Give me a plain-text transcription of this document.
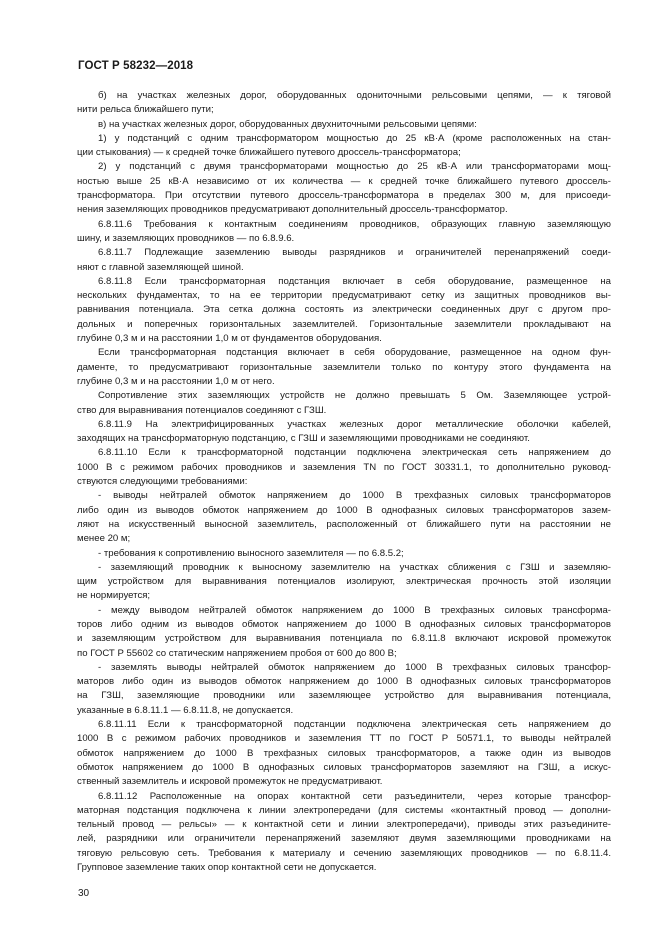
ГОСТ Р 58232—2018
б) на участках железных дорог, оборудованных одониточными рельсовыми цепями, — к тяговой
нити рельса ближайшего пути;
в) на участках железных дорог, оборудованных двухниточными рельсовыми цепями:
1) у подстанций с одним трансформатором мощностью до 25 кВ·А (кроме расположенных на стан-
ции стыкования) — к средней точке ближайшего путевого дроссель-трансформатора;
2) у подстанций с двумя трансформаторами мощностью до 25 кВ·А или трансформаторами мощ-
ностью выше 25 кВ·А независимо от их количества — к средней точке ближайшего путевого дроссель-
трансформатора. При отсутствии путевого дроссель-трансформатора в пределах 300 м, для присоеди-
нения заземляющих проводников предусматривают дополнительный дроссель-трансформатор.
6.8.11.6 Требования к контактным соединениям проводников, образующих главную заземляющую
шину, и заземляющих проводников — по 6.8.9.6.
6.8.11.7 Подлежащие заземлению выводы разрядников и ограничителей перенапряжений соеди-
няют с главной заземляющей шиной.
6.8.11.8 Если трансформаторная подстанция включает в себя оборудование, размещенное на
нескольких фундаментах, то на ее территории предусматривают сетку из защитных проводников вы-
равнивания потенциала. Эта сетка должна состоять из электрически соединенных друг с другом про-
дольных и поперечных горизонтальных заземлителей. Горизонтальные заземлители прокладывают на
глубине 0,3 м и на расстоянии 1,0 м от фундаментов оборудования.
Если трансформаторная подстанция включает в себя оборудование, размещенное на одном фун-
даменте, то предусматривают горизонтальные заземлители только по контуру этого фундамента на
глубине 0,3 м и на расстоянии 1,0 м от него.
Сопротивление этих заземляющих устройств не должно превышать 5 Ом. Заземляющее устрой-
ство для выравнивания потенциалов соединяют с ГЗШ.
6.8.11.9 На электрифицированных участках железных дорог металлические оболочки кабелей,
заходящих на трансформаторную подстанцию, с ГЗШ и заземляющими проводниками не соединяют.
6.8.11.10 Если к трансформаторной подстанции подключена электрическая сеть напряжением до
1000 В с режимом рабочих проводников и заземления TN по ГОСТ 30331.1, то дополнительно руковод-
ствуются следующими требованиями:
- выводы нейтралей обмоток напряжением до 1000 В трехфазных силовых трансформаторов
либо один из выводов обмоток напряжением до 1000 В однофазных силовых трансформаторов зазем-
ляют на искусственный выносной заземлитель, расположенный от ближайшего пути на расстоянии не
менее 20 м;
- требования к сопротивлению выносного заземлителя — по 6.8.5.2;
- заземляющий проводник к выносному заземлителю на участках сближения с ГЗШ и заземляю-
щим устройством для выравнивания потенциалов изолируют, электрическая прочность этой изоляции
не нормируется;
- между выводом нейтралей обмоток напряжением до 1000 В трехфазных силовых трансформа-
торов либо одним из выводов обмоток напряжением до 1000 В однофазных силовых трансформаторов
и заземляющим устройством для выравнивания потенциала по 6.8.11.8 включают искровой промежуток
по ГОСТ Р 55602 со статическим напряжением пробоя от 600 до 800 В;
- заземлять выводы нейтралей обмоток напряжением до 1000 В трехфазных силовых трансфор-
маторов либо один из выводов обмоток напряжением до 1000 В однофазных силовых трансформаторов
на ГЗШ, заземляющие проводники или заземляющее устройство для выравнивания потенциала,
указанные в 6.8.11.1 — 6.8.11.8, не допускается.
6.8.11.11 Если к трансформаторной подстанции подключена электрическая сеть напряжением до
1000 В с режимом рабочих проводников и заземления TT по ГОСТ Р 50571.1, то выводы нейтралей
обмоток напряжением до 1000 В трехфазных силовых трансформаторов, а также один из выводов
обмоток напряжением до 1000 В однофазных силовых трансформаторов заземляют на ГЗШ, а искус-
ственный заземлитель и искровой промежуток не предусматривают.
6.8.11.12 Расположенные на опорах контактной сети разъединители, через которые трансфор-
маторная подстанция подключена к линии электропередачи (для системы «контактный провод — дополни-
тельный провод — рельсы» — к контактной сети и линии электропередачи), приводы этих разъедините-
лей, разрядники или ограничители перенапряжений заземляют двумя заземляющими проводниками на
тяговую рельсовую сеть. Требования к материалу и сечению заземляющих проводников — по 6.8.11.4.
Групповое заземление таких опор контактной сети не допускается.
30
